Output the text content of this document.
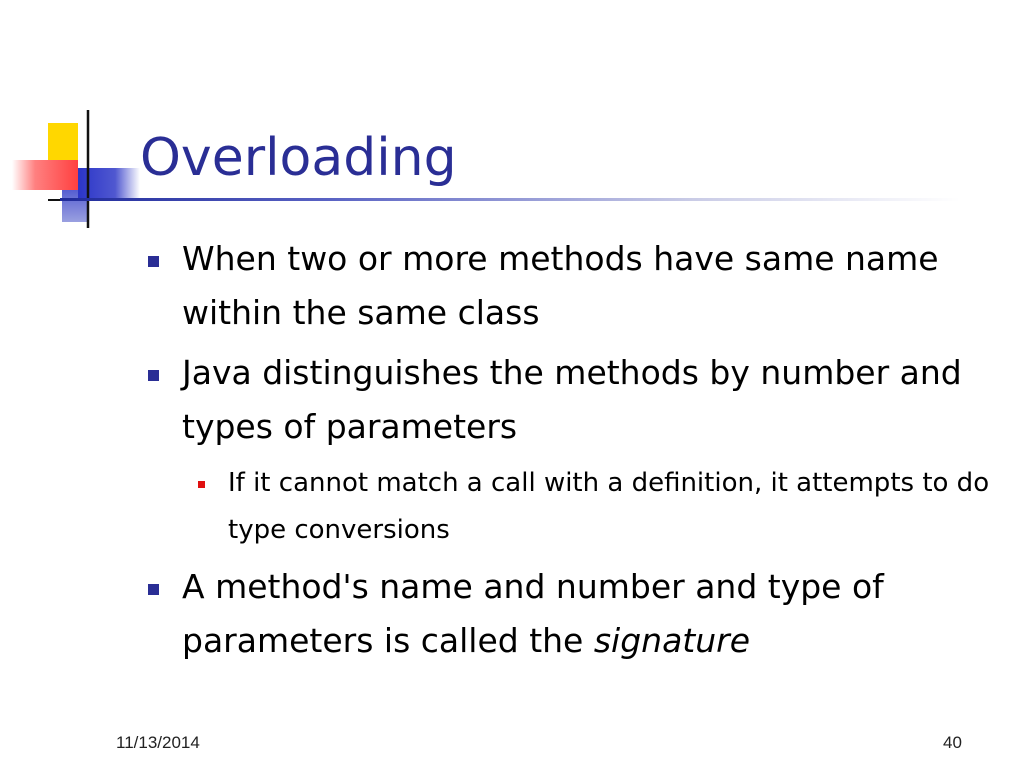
Overloading
When two or more methods have same name within the same class
Java distinguishes the methods by number and types of parameters
If it cannot match a call with a definition, it attempts to do type conversions
A method's name and number and type of parameters is called the signature
11/13/2014	40
